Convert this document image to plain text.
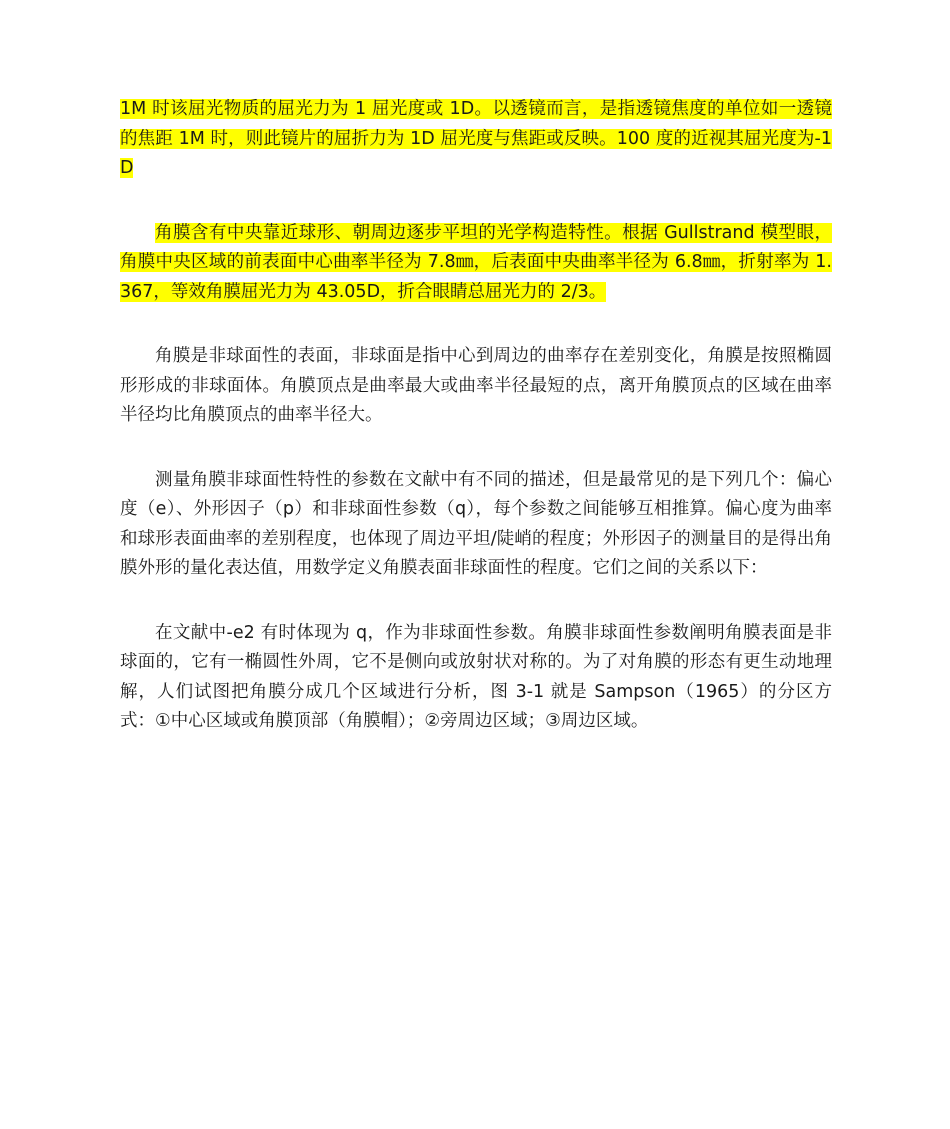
1M 时该屈光物质的屈光力为 1 屈光度或 1D。以透镜而言，是指透镜焦度的单位如一透镜的焦距 1M 时，则此镜片的屈折力为 1D 屈光度与焦距或反映。100 度的近视其屈光度为-1D

角膜含有中央靠近球形、朝周边逐步平坦的光学构造特性。根据 Gullstrand 模型眼，角膜中央区域的前表面中心曲率半径为 7.8㎜，后表面中央曲率半径为 6.8㎜，折射率为 1.367，等效角膜屈光力为 43.05D，折合眼睛总屈光力的 2/3。

角膜是非球面性的表面，非球面是指中心到周边的曲率存在差别变化，角膜是按照椭圆形形成的非球面体。角膜顶点是曲率最大或曲率半径最短的点，离开角膜顶点的区域在曲率半径均比角膜顶点的曲率半径大。

测量角膜非球面性特性的参数在文献中有不同的描述，但是最常见的是下列几个：偏心度（e）、外形因子（p）和非球面性参数（q），每个参数之间能够互相推算。偏心度为曲率和球形表面曲率的差别程度，也体现了周边平坦/陡峭的程度；外形因子的测量目的是得出角膜外形的量化表达值，用数学定义角膜表面非球面性的程度。它们之间的关系以下：

在文献中-e2 有时体现为 q，作为非球面性参数。角膜非球面性参数阐明角膜表面是非球面的，它有一椭圆性外周，它不是侧向或放射状对称的。为了对角膜的形态有更生动地理解，人们试图把角膜分成几个区域进行分析，图 3-1 就是 Sampson（1965）的分区方式：①中心区域或角膜顶部（角膜帽）；②旁周边区域；③周边区域。
